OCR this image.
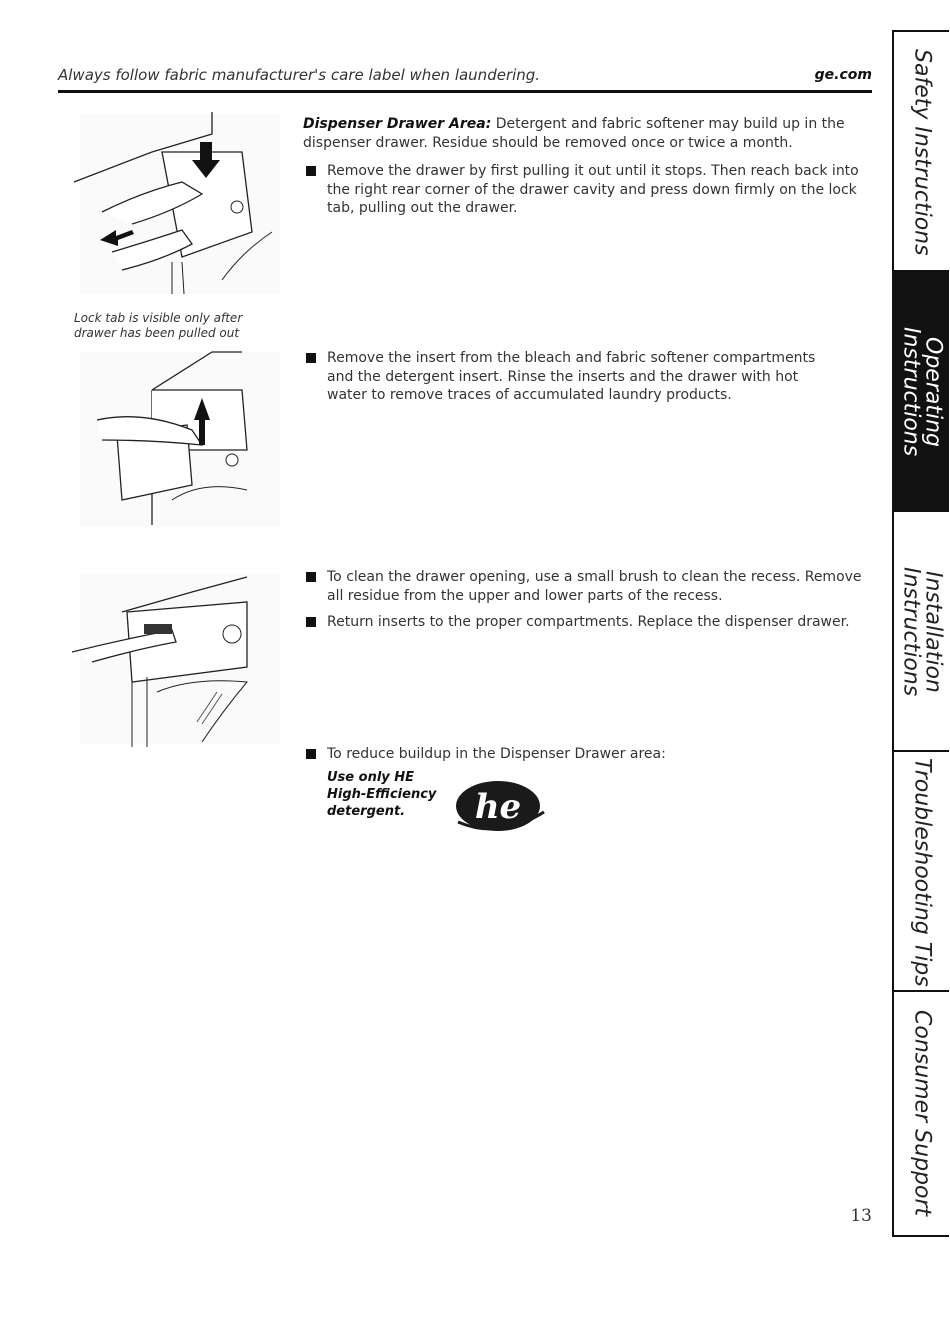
Always follow fabric manufacturer's care label when laundering.	ge.com
Lock tab is visible only after
drawer has been pulled out
Dispenser Drawer Area: Detergent and fabric softener may build up in the dispenser drawer. Residue should be removed once or twice a month.
Remove the drawer by first pulling it out until it stops. Then reach back into the right rear corner of the drawer cavity and press down firmly on the lock tab, pulling out the drawer.
Remove the insert from the bleach and fabric softener compartments and the detergent insert. Rinse the inserts and the drawer with hot water to remove traces of accumulated laundry products.
To clean the drawer opening, use a small brush to clean the recess. Remove all residue from the upper and lower parts of the recess.
Return inserts to the proper compartments. Replace the dispenser drawer.
To reduce buildup in the Dispenser Drawer area:
Use only HE
High-Efficiency
detergent.	he
13
Safety Instructions
Operating Instructions
Installation
Instructions
Troubleshooting Tips
Consumer Support
